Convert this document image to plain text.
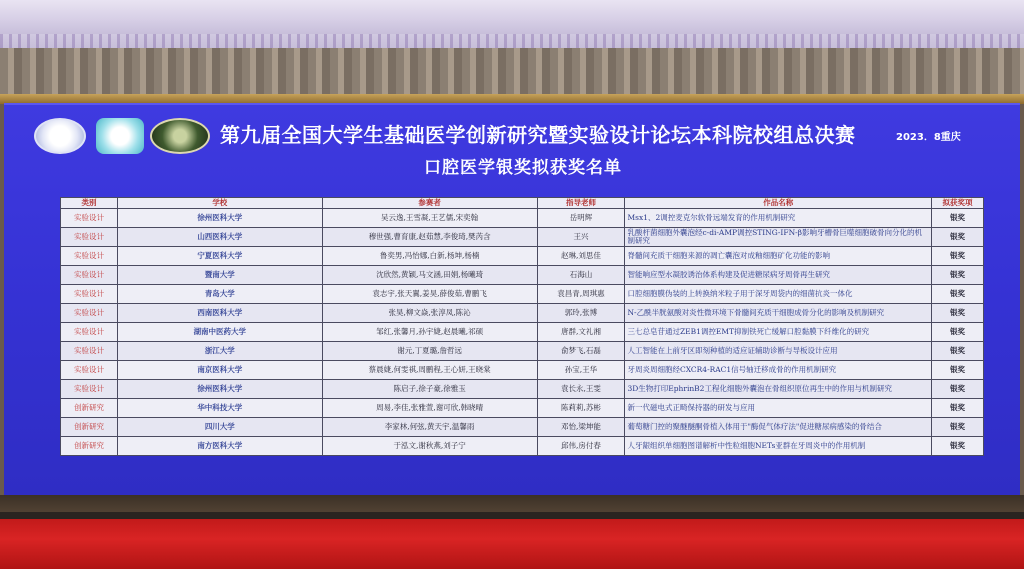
第九届全国大学生基础医学创新研究暨实验设计论坛本科院校组总决赛	2023．8重庆
口腔医学银奖拟获奖名单
类别	学校	参赛者	指导老师	作品名称	拟获奖项
实验设计	徐州医科大学	吴云逸,王雪凝,王艺儒,宋奕翰	岳明辉	Msx1、2调控麦克尔软骨远端发育的作用机制研究	银奖
实验设计	山西医科大学	穆世强,曹育康,赵茹慧,李俊琦,樊芮含	王兴	乳酸杆菌细胞外囊泡经c-di-AMP调控STING-IFN-β影响牙槽骨巨噬细胞破骨向分化的机制研究	银奖
实验设计	宁夏医科大学	鲁奕男,冯怡娜,白新,杨坤,杨楠	赵琳,刘思佳	脊髓间充质干细胞来源的凋亡囊泡对成釉细胞矿化功能的影响	银奖
实验设计	暨南大学	沈欣然,黄颖,马文涵,田娟,杨曦琦	石海山	智能响应型水凝胶诱治体系构建及促进糖尿病牙周骨再生研究	银奖
实验设计	青岛大学	袁志宇,张天翼,姜昊,薛俊茹,曹鹏飞	袁昌青,周琪惠	口腔细胞膜伪装的上转换纳米粒子用于深牙周袋内的细菌抗炎一体化	银奖
实验设计	西南医科大学	张昊,柳文焱,张淳凤,陈沁	郭玲,张博	N-乙酰半胱氨酸对炎性微环境下骨髓间充质干细胞成骨分化的影响及机制研究	银奖
实验设计	湖南中医药大学	邹红,张馨月,孙宇婕,赵晨曦,祁硕	唐群,文礼湘	三七总皂苷通过ZEB1调控EMT抑制铁死亡缓解口腔黏膜下纤维化的研究	银奖
实验设计	浙江大学	谢元,丁夏璐,詹哲远	俞梦飞,石磊	人工智能在上前牙区即刻种植的适应证辅助诊断与导板设计应用	银奖
实验设计	南京医科大学	蔡晨婕,何雯祺,周鹏程,王心妍,王晓棠	孙宝,王华	牙周炎周细胞经CXCR4-RAC1信号轴迁移成骨的作用机制研究	银奖
实验设计	徐州医科大学	陈启子,徐子豪,徐雅玉	袁长永,王雯	3D生物打印EphrinB2工程化细胞外囊泡在骨组织原位再生中的作用与机制研究	银奖
创新研究	华中科技大学	周易,李佳,张雅萱,谢可欣,韩晓晴	陈莉莉,苏彬	新一代磁电式正畸保持器的研发与应用	银奖
创新研究	四川大学	李家林,何弦,黄天宇,温馨雨	邓怡,梁坤能	葡萄糖门控的聚醚醚酮骨植入体用于"酶促气体疗法"促进糖尿病感染的骨结合	银奖
创新研究	南方医科大学	于泓文,谢秋燕,刘子宁	邱伟,房付春	人牙龈组织单细胞图谱解析中性粒细胞NETs亚群在牙周炎中的作用机制	银奖
